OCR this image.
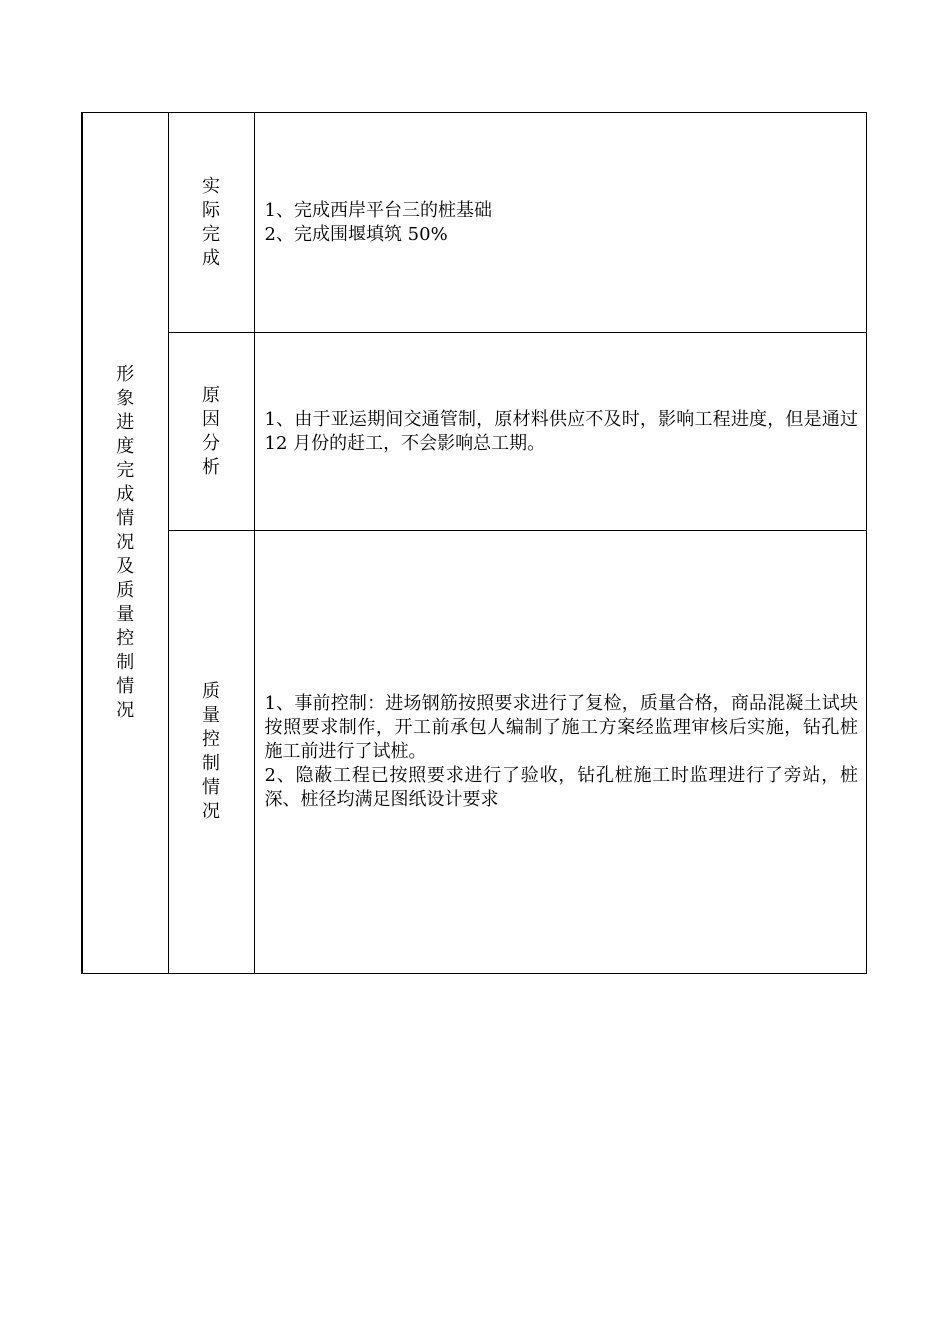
形象进度完成情况及质量控制情况	实际完成	1、完成西岸平台三的桩基础
2、完成围堰填筑 50%

	原因分析	1、由于亚运期间交通管制，原材料供应不及时，影响工程进度，但是通过 12 月份的赶工，不会影响总工期。

	质量控制情况	1、事前控制：进场钢筋按照要求进行了复检，质量合格，商品混凝土试块按照要求制作，开工前承包人编制了施工方案经监理审核后实施，钻孔桩施工前进行了试桩。
2、隐蔽工程已按照要求进行了验收，钻孔桩施工时监理进行了旁站，桩深、桩径均满足图纸设计要求
